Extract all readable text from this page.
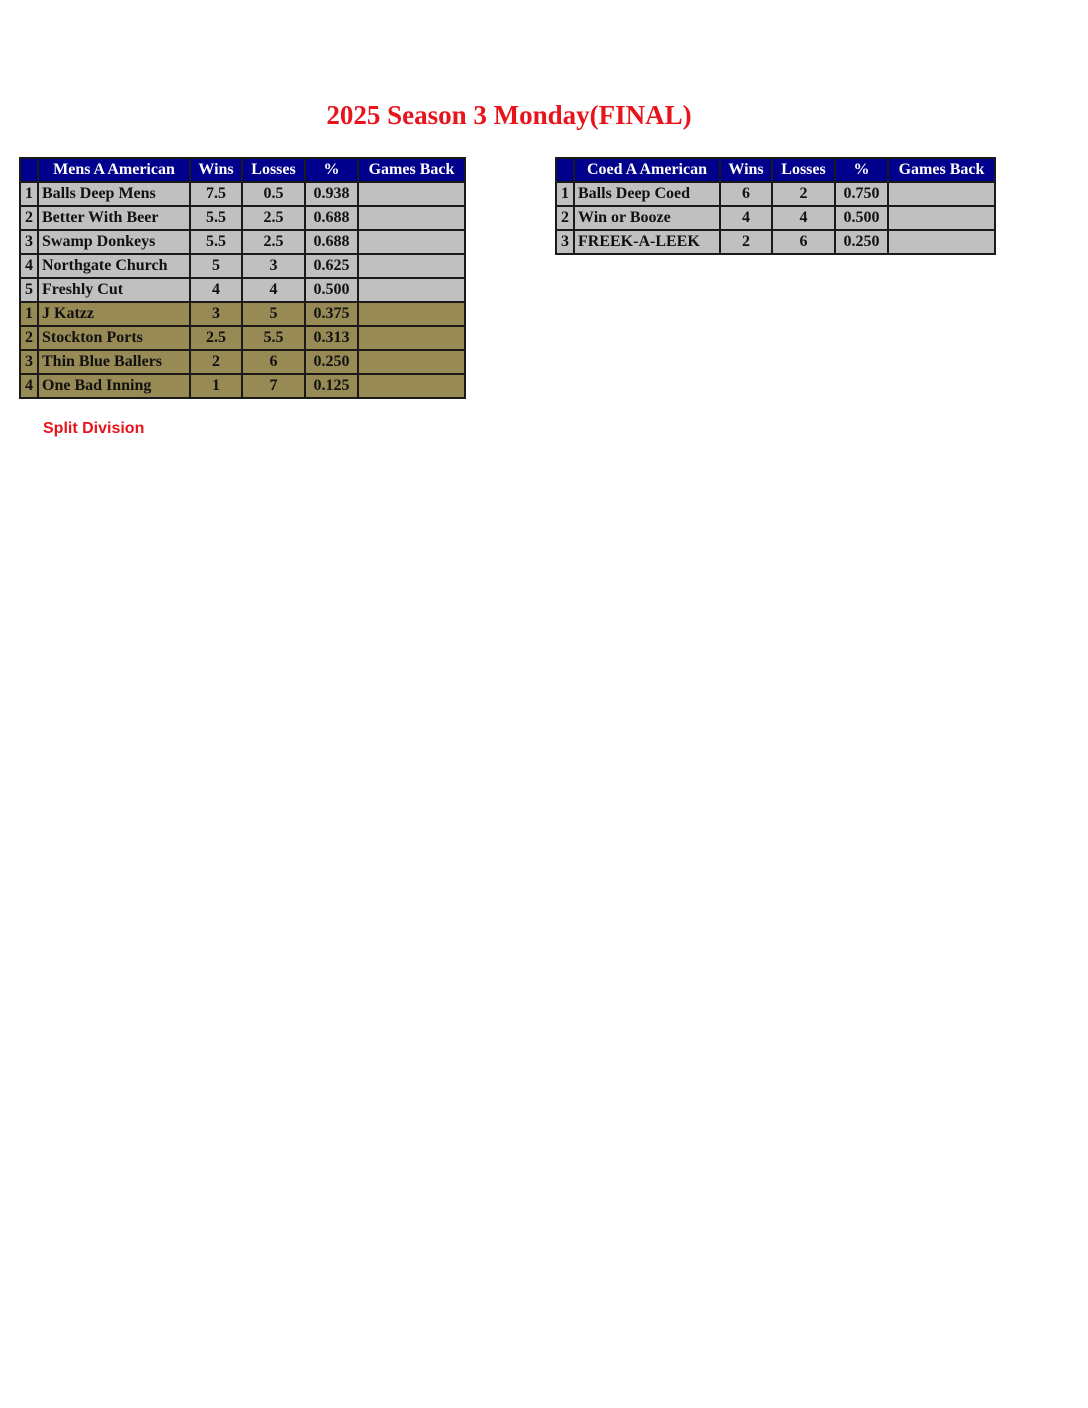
2025 Season 3 Monday(FINAL)
	Mens A American	Wins	Losses	%	Games Back
1	Balls Deep Mens	7.5	0.5	0.938	
2	Better With Beer	5.5	2.5	0.688	
3	Swamp Donkeys	5.5	2.5	0.688	
4	Northgate Church	5	3	0.625	
5	Freshly Cut	4	4	0.500	
1	J Katzz	3	5	0.375	
2	Stockton Ports	2.5	5.5	0.313	
3	Thin Blue Ballers	2	6	0.250	
4	One Bad Inning	1	7	0.125	
	Coed A American	Wins	Losses	%	Games Back
1	Balls Deep Coed	6	2	0.750	
2	Win or Booze	4	4	0.500	
3	FREEK-A-LEEK	2	6	0.250	
Split Division
